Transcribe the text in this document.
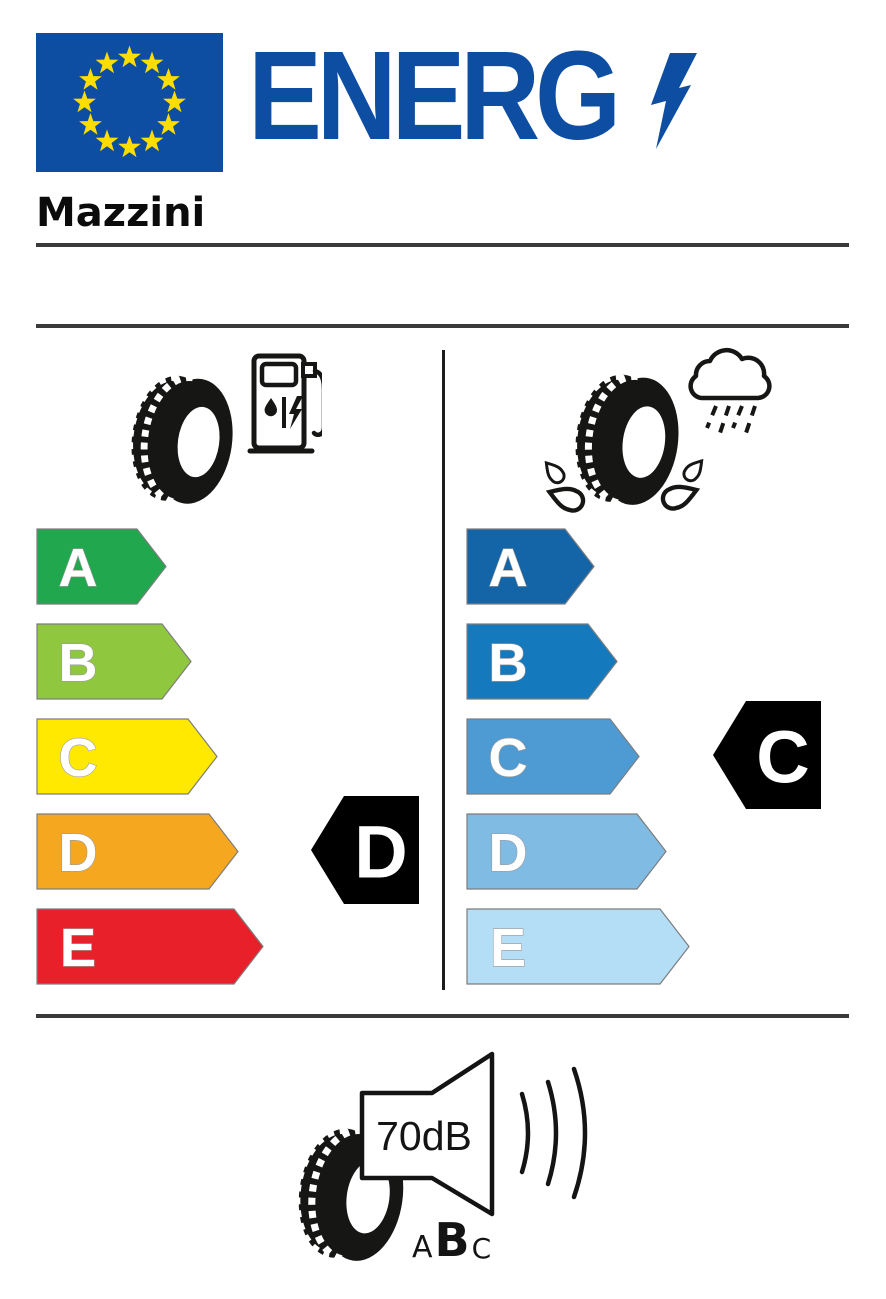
ENERG
Mazzini
A
B
C
D
E
D
A
B
C
D
E
C
70dB
A B C
